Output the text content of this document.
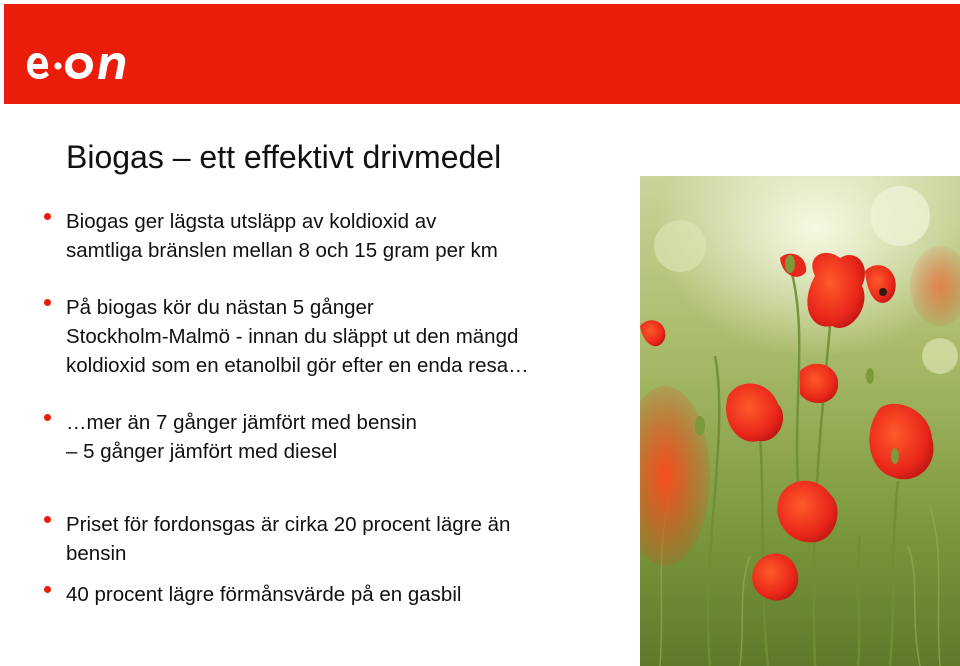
Biogas – ett effektivt drivmedel
Biogas ger lägsta utsläpp av koldioxid av
samtliga bränslen mellan 8 och 15 gram per km
På biogas kör du nästan 5 gånger
Stockholm-Malmö - innan du släppt ut den mängd
koldioxid som en etanolbil gör efter en enda resa…
…mer än 7 gånger jämfört med bensin
– 5 gånger jämfört med diesel
Priset för fordonsgas är cirka 20 procent lägre än
bensin
40 procent lägre förmånsvärde på en gasbil
